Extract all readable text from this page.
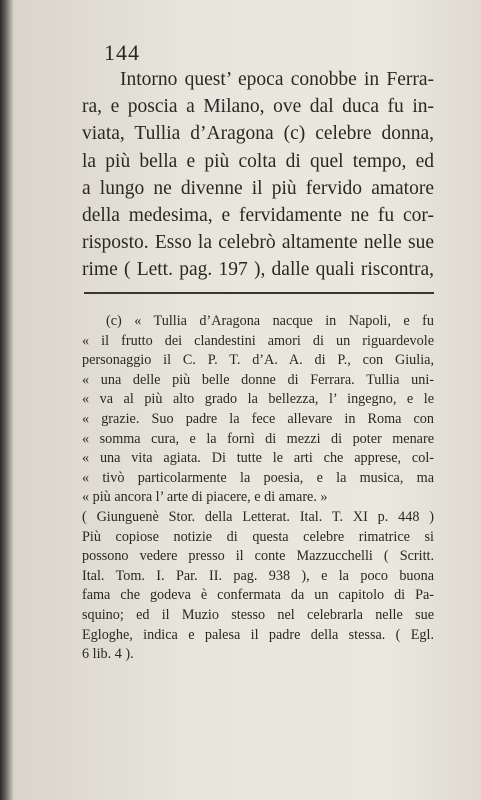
144
Intorno quest’ epoca conobbe in Ferra-
ra, e poscia a Milano, ove dal duca fu in-
viata, Tullia d’Aragona (c) celebre donna,
la più bella e più colta di quel tempo, ed
a lungo ne divenne il più fervido amatore
della medesima, e fervidamente ne fu cor-
risposto. Esso la celebrò altamente nelle sue
rime ( Lett. pag. 197 ), dalle quali riscontra,
(c) « Tullia d’Aragona nacque in Napoli, e fu
« il frutto dei clandestini amori di un riguardevole
personaggio il C. P. T. d’A. A. di P., con Giulia,
« una delle più belle donne di Ferrara. Tullia uni-
« va al più alto grado la bellezza, l’ ingegno, e le
« grazie. Suo padre la fece allevare in Roma con
« somma cura, e la fornì di mezzi di poter menare
« una vita agiata. Di tutte le arti che apprese, col-
« tivò particolarmente la poesia, e la musica, ma
« più ancora l’ arte di piacere, e di amare. »
( Giunguenè Stor. della Letterat. Ital. T. XI p. 448 )
Più copiose notizie di questa celebre rimatrice si
possono vedere presso il conte Mazzucchelli ( Scritt.
Ital. Tom. I. Par. II. pag. 938 ), e la poco buona
fama che godeva è confermata da un capitolo di Pa-
squino; ed il Muzio stesso nel celebrarla nelle sue
Egloghe, indica e palesa il padre della stessa. ( Egl.
6 lib. 4 ).
